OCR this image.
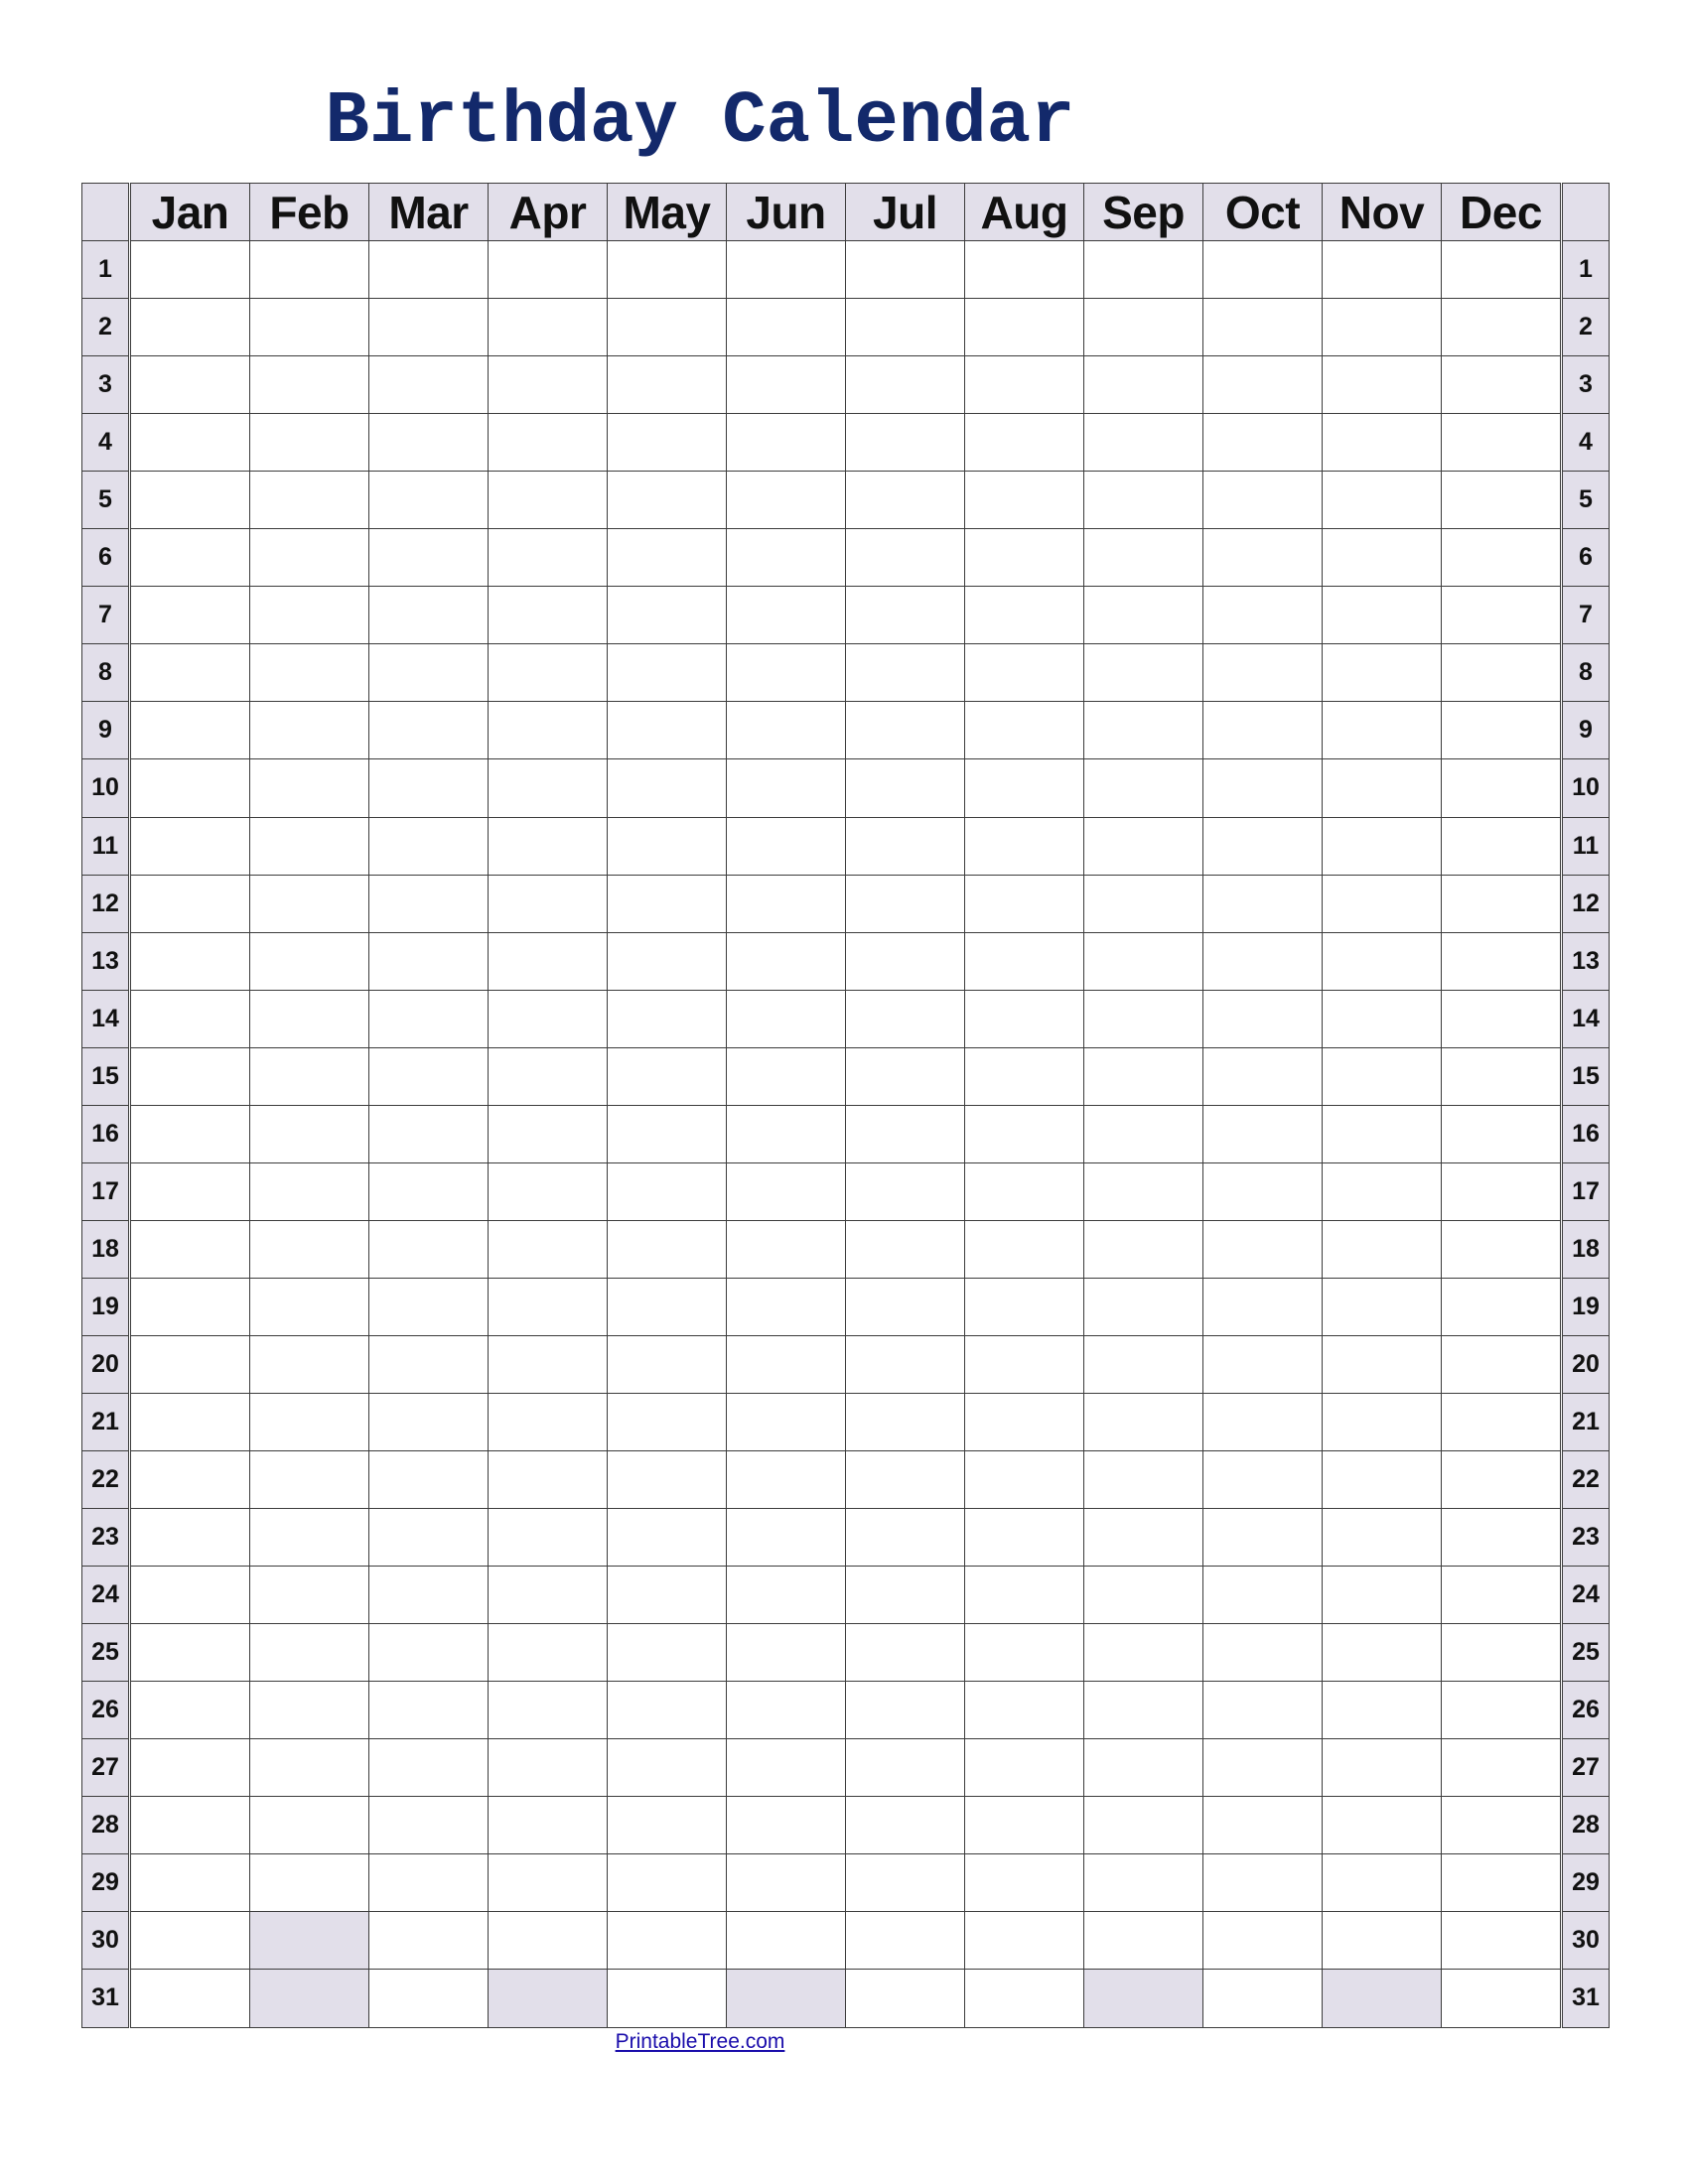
Birthday Calendar
		Jan	Feb	Mar	Apr	May	Jun	Jul	Aug	Sep	Oct	Nov	Dec		
1															1
2															2
3															3
4															4
5															5
6															6
7															7
8															8
9															9
10															10
11															11
12															12
13															13
14															14
15															15
16															16
17															17
18															18
19															19
20															20
21															21
22															22
23															23
24															24
25															25
26															26
27															27
28															28
29															29
30															30
31															31
PrintableTree.com
